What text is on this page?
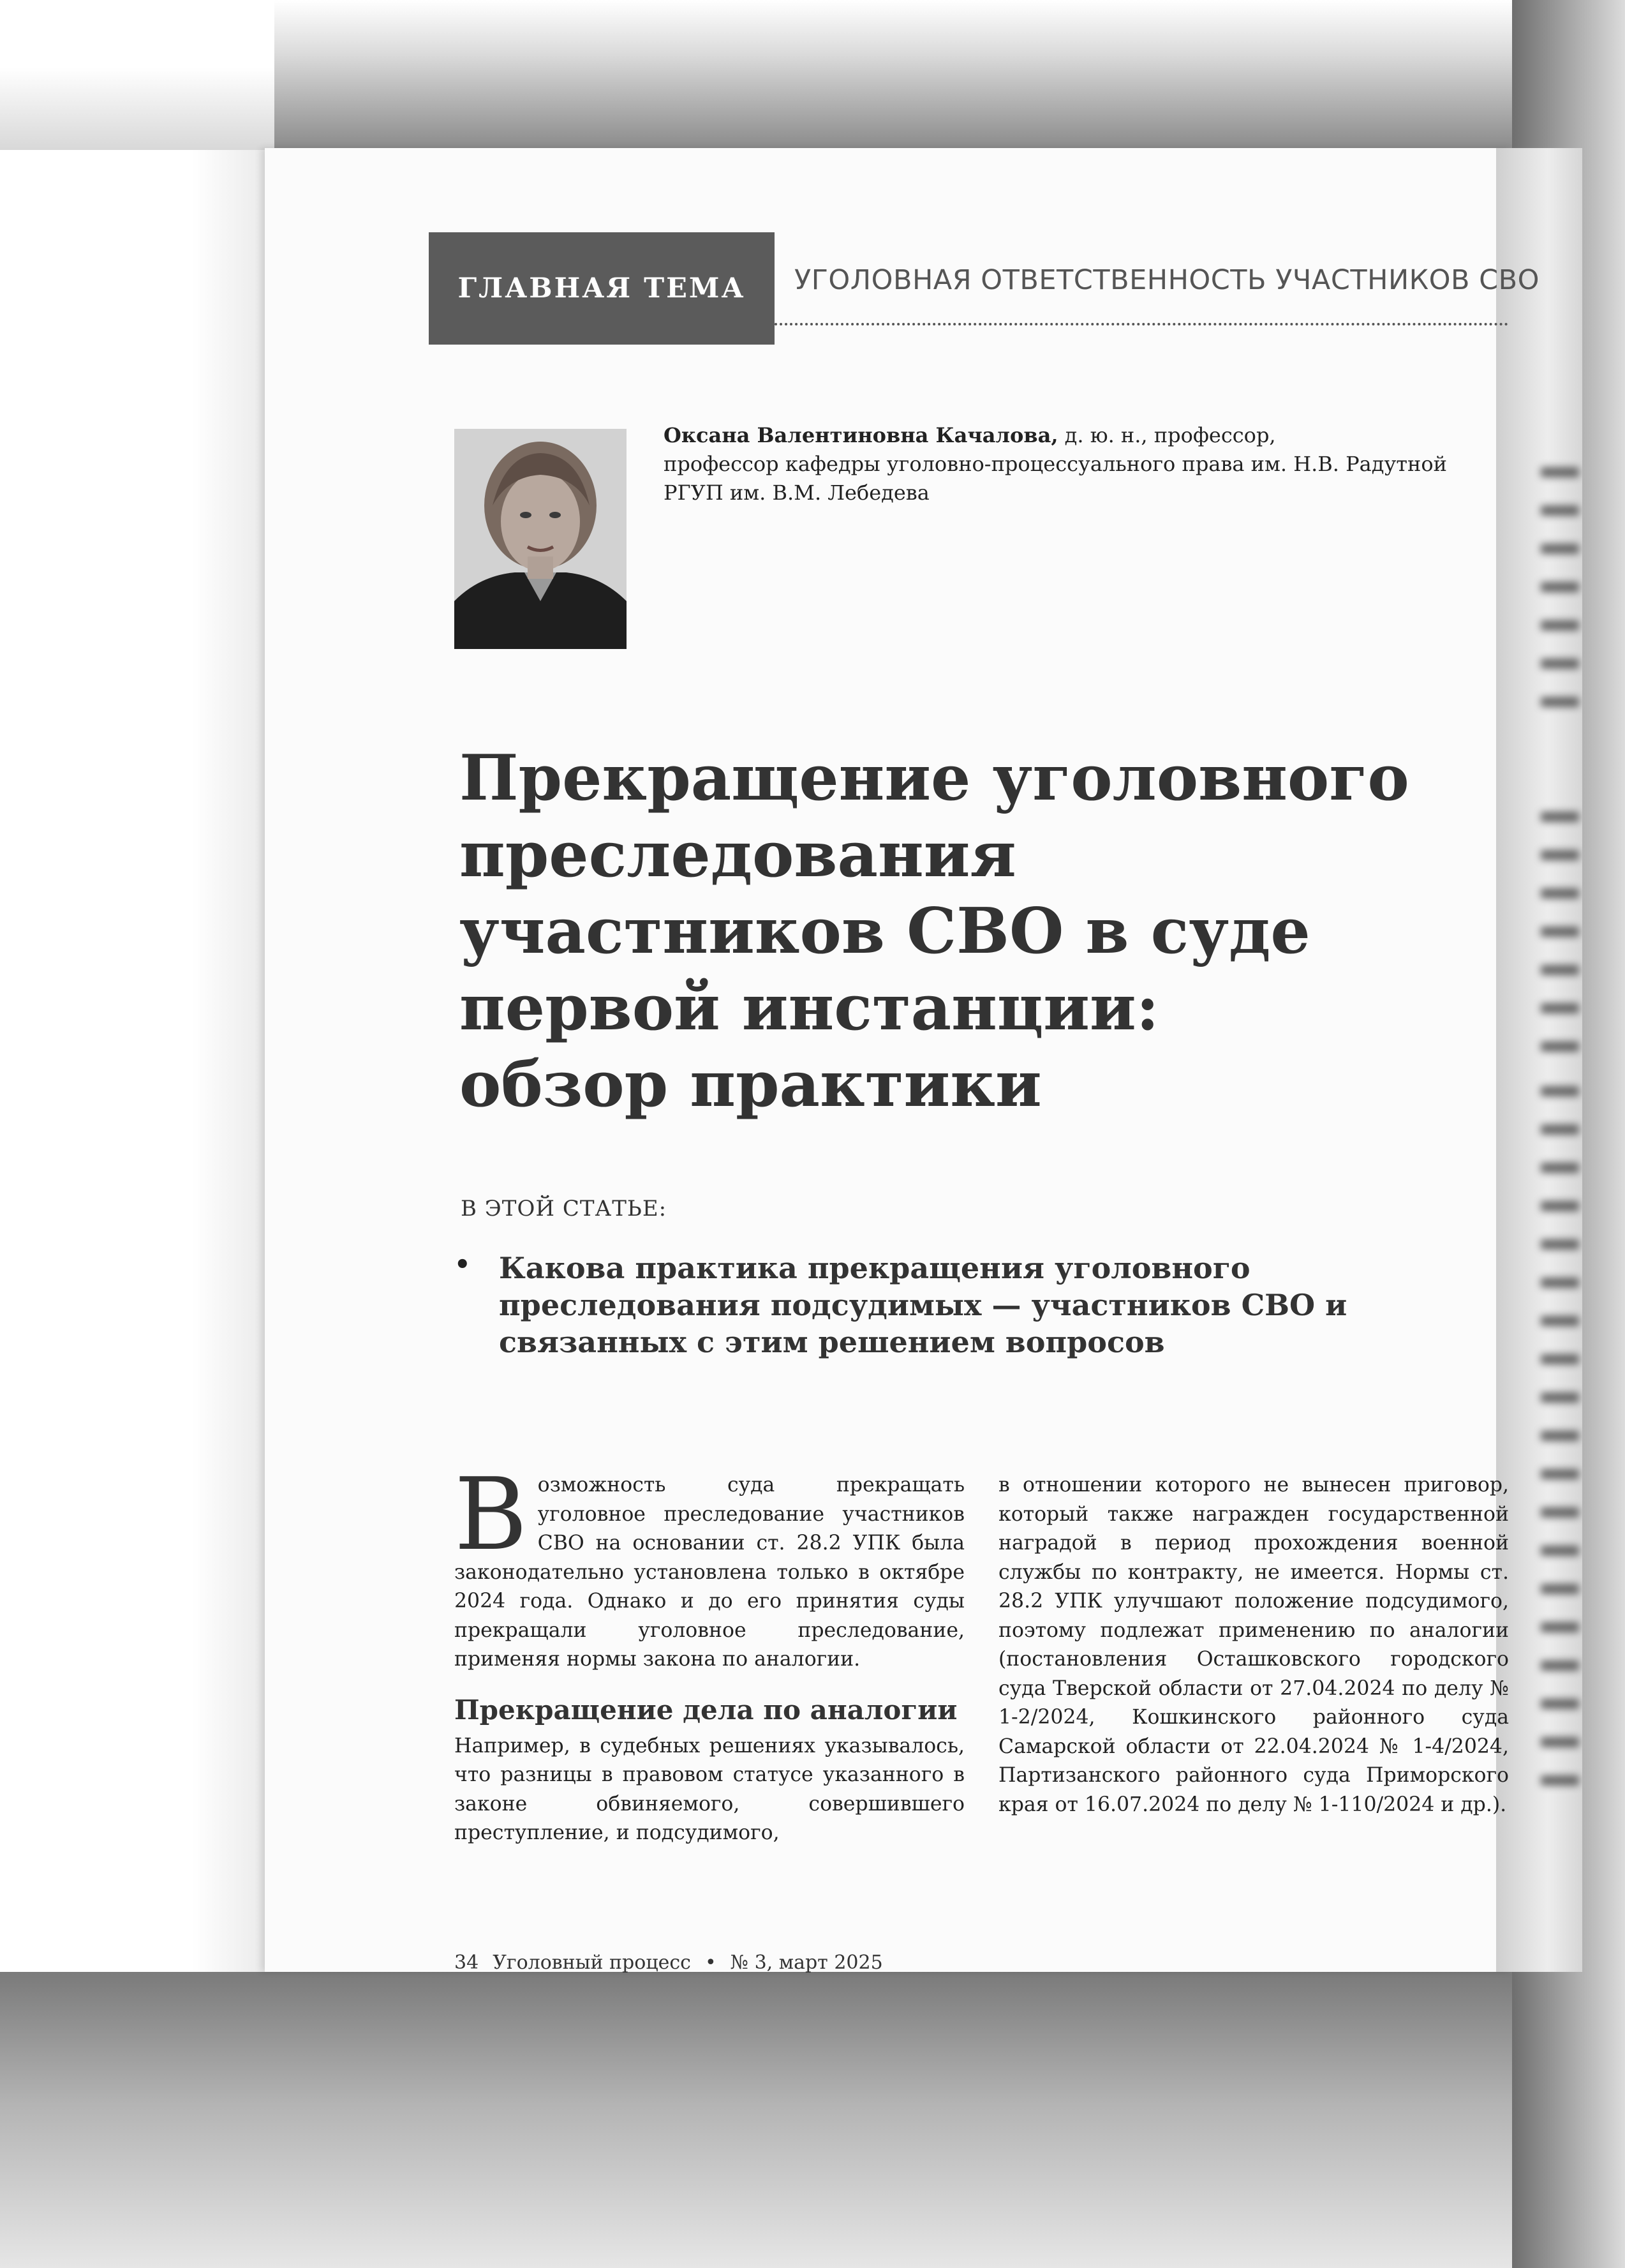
ГЛАВНАЯ ТЕМА	УГОЛОВНАЯ ОТВЕТСТВЕННОСТЬ УЧАСТНИКОВ СВО
Оксана Валентиновна Качалова, д. ю. н., профессор,
профессор кафедры уголовно-процессуального права им. Н.В. Радутной
РГУП им. В.М. Лебедева
Прекращение уголовного
преследования
участников СВО в суде
первой инстанции:
обзор практики
В ЭТОЙ СТАТЬЕ:
• Какова практика прекращения уголовного преследования подсудимых — участников СВО и связанных с этим решением вопросов

Возможность суда прекращать уголовное преследование участников СВО на основании ст. 28.2 УПК была законодательно установлена только в октябре 2024 года. Однако и до его принятия суды прекращали уголовное преследование, применяя нормы закона по аналогии.

Прекращение дела по аналогии

Например, в судебных решениях указывалось, что разницы в правовом статусе указанного в законе обвиняемого, совершившего преступление, и подсудимого,

в отношении которого не вынесен приговор, который также награжден государственной наградой в период прохождения военной службы по контракту, не имеется. Нормы ст. 28.2 УПК улучшают положение подсудимого, поэтому подлежат применению по аналогии (постановления Осташковского городского суда Тверской области от 27.04.2024 по делу № 1-2/2024, Кошкинского районного суда Самарской области от 22.04.2024 № 1-4/2024, Партизанского районного суда Приморского края от 16.07.2024 по делу № 1-110/2024 и др.).

34 Уголовный процесс • № 3, март 2025
